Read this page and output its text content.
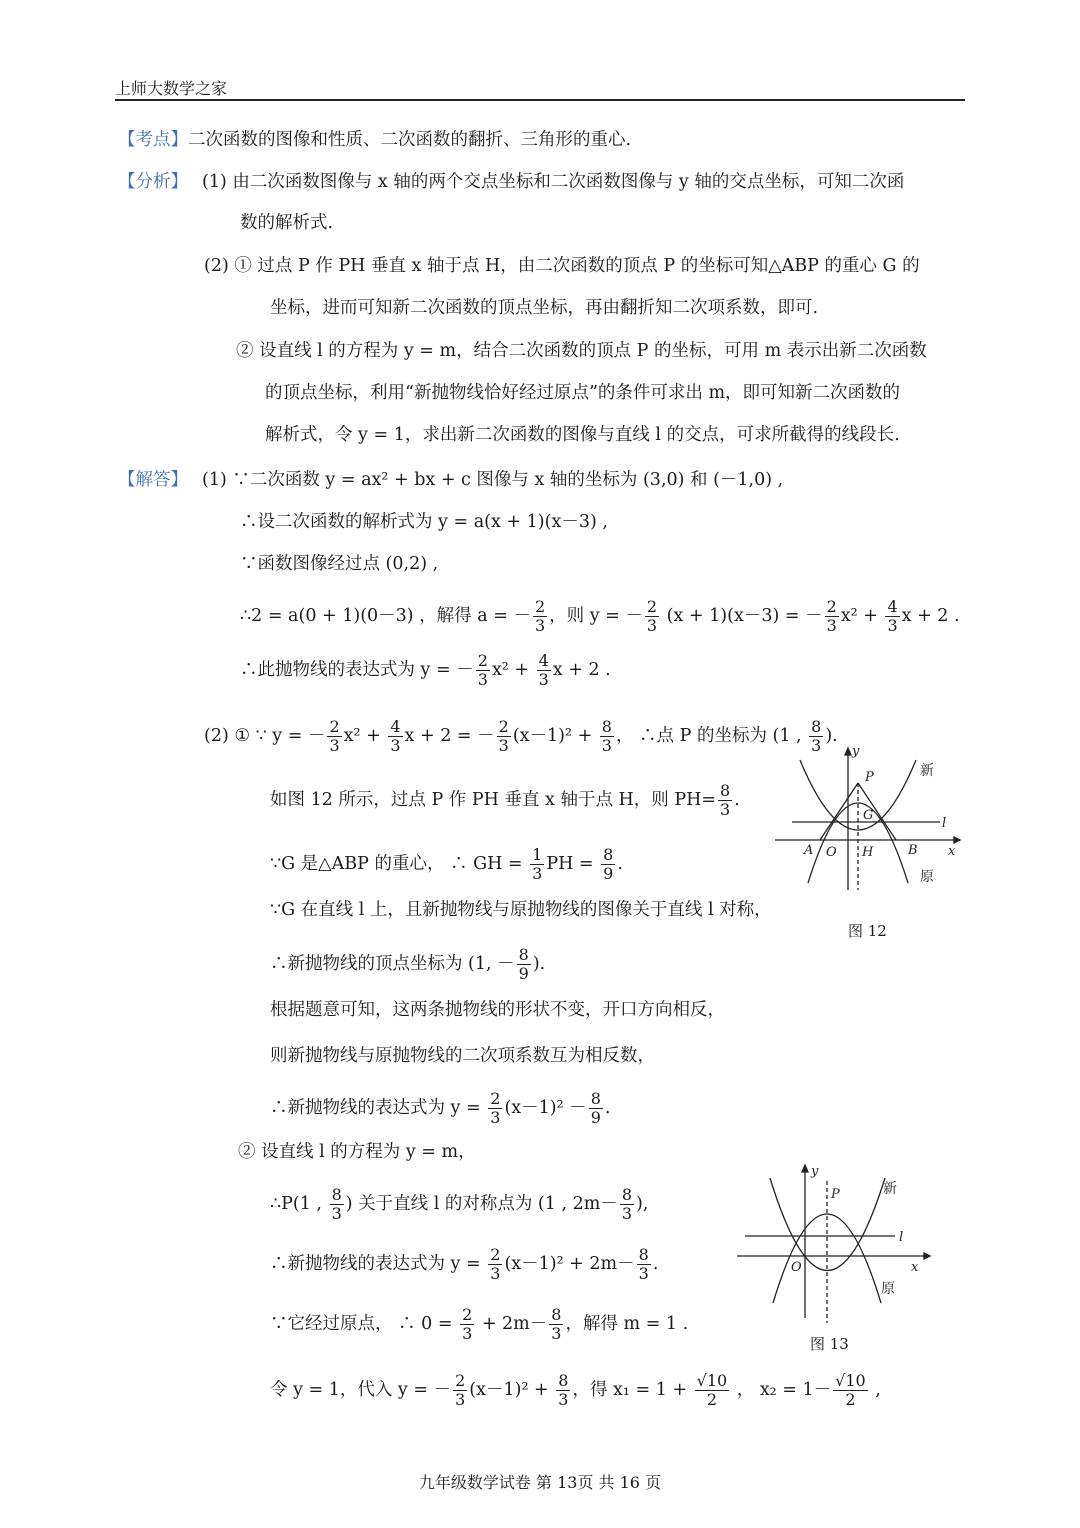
上师大数学之家
【考点】二次函数的图像和性质、二次函数的翻折、三角形的重心.
【分析】 (1) 由二次函数图像与 x 轴的两个交点坐标和二次函数图像与 y 轴的交点坐标，可知二次函
数的解析式.
(2) ① 过点 P 作 PH 垂直 x 轴于点 H，由二次函数的顶点 P 的坐标可知△ABP 的重心 G 的
坐标，进而可知新二次函数的顶点坐标，再由翻折知二次项系数，即可.
② 设直线 l 的方程为 y = m，结合二次函数的顶点 P 的坐标，可用 m 表示出新二次函数
的顶点坐标，利用“新抛物线恰好经过原点”的条件可求出 m，即可知新二次函数的
解析式，令 y = 1，求出新二次函数的图像与直线 l 的交点，可求所截得的线段长.
【解答】 (1) ∵二次函数 y = ax² + bx + c 图像与 x 轴的坐标为 (3,0) 和 (－1,0) ,
∴设二次函数的解析式为 y = a(x + 1)(x－3) ,
∵函数图像经过点 (0,2) ,
∴2 = a(0 + 1)(0－3) ，解得 a = － $\frac{2}{3}$ ，则 y = － $\frac{2}{3} (x + 1)(x-3)$ = － $\frac{2}{3} x^2 + \frac{4}{3}$ x + 2 .
∴此抛物线的表达式为 y = － $\frac{2}{3} x^2 + \frac{4}{3}$ x + 2 .
(2) ① ∵ y = － $\frac{2}{3} x^2 + \frac{4}{3}$ x + 2 = － $\frac{2}{3} (x-1)^2 + \frac{8}{3}$ ， ∴点 P 的坐标为 (1 , $\frac{8}{3}$ ).
如图 12 所示，过点 P 作 PH 垂直 x 轴于点 H，则 $PH= \frac{8}{3}$ .
∵G 是△ABP 的重心， ∴ GH = $\frac{1}{3}$ PH = $\frac{8}{9}$ .
∵G 在直线 l 上，且新抛物线与原抛物线的图像关于直线 l 对称，
∴新抛物线的顶点坐标为 (1, － $\frac{8}{9}$ ).
根据题意可知，这两条抛物线的形状不变，开口方向相反，
则新抛物线与原抛物线的二次项系数互为相反数，
∴新抛物线的表达式为 $y = \frac{2}{3} (x-1)^2 - \frac{8}{9}$ .
② 设直线 l 的方程为 y = m，
∴P(1 , $\frac{8}{3}$ ) 关于直线 l 的对称点为 (1 , $2m- \frac{8}{3}$ ),
∴新抛物线的表达式为 $y = \frac{2}{3} (x-1)^2 + 2m- \frac{8}{3}$ .
∵它经过原点， ∴ $0 = \frac{2}{3} + 2m- \frac{8}{3}$ ，解得 m = 1 .
令 y = 1，代入 y = － $\frac{2}{3} (x-1)^2 + \frac{8}{3}$ ，得 $x_1 = 1 + \frac{√10}{2}$ ， $x_2 = 1- \frac{√10}{2}$ ,
y
x
P
G
l
A O H	B
新
原
图 12
y
x
P
l
O
新
原
图 13
九年级数学试卷 第 13页 共 16 页
